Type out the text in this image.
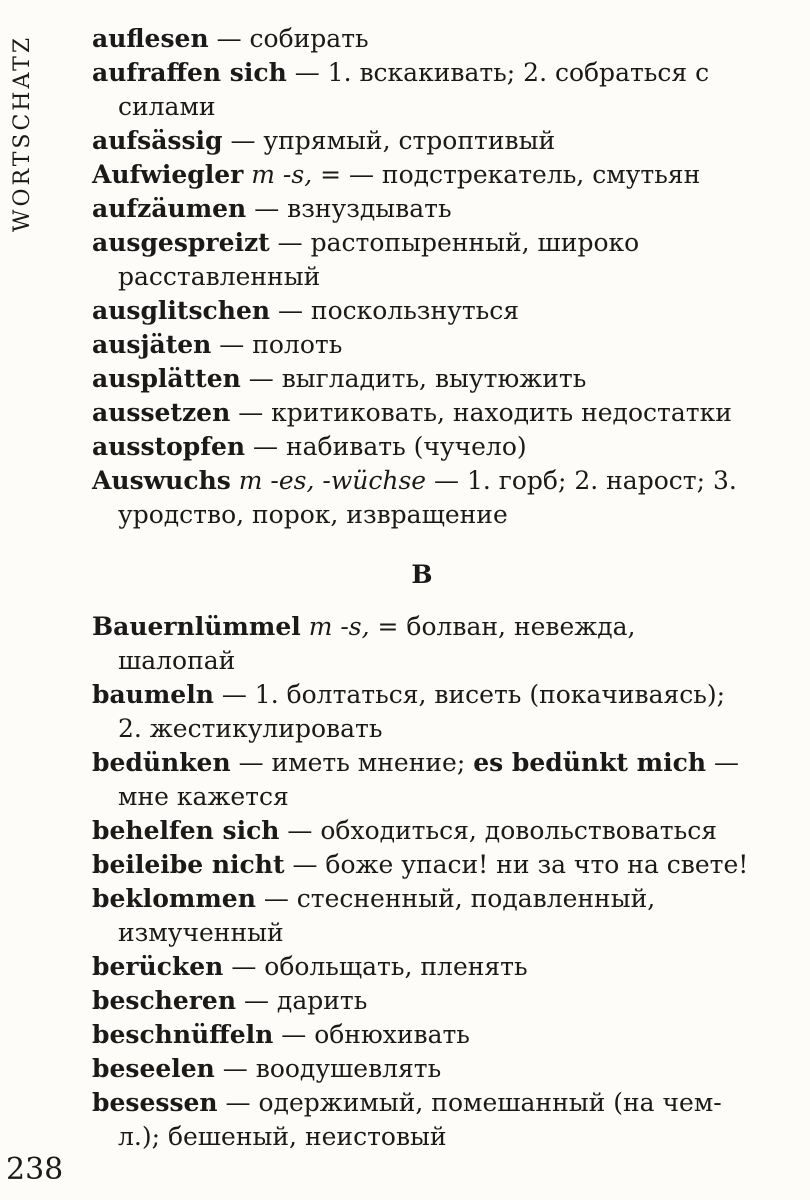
WORTSCHATZ auflesen — собирать

aufraffen sich — 1. вскакивать; 2. собраться с силами

aufsässig — упрямый, строптивый

Aufwiegler m -s, = — подстрекатель, смутьян

aufzäumen — взнуздывать

ausgespreizt — растопыренный, широко расставленный

ausglitschen — поскользнуться

ausjäten — полоть

ausplätten — выгладить, выутюжить

aussetzen — критиковать, находить недостатки

ausstopfen — набивать (чучело)

Auswuchs m -es, -wüchse — 1. горб; 2. нарост; 3. уродство, порок, извращение

B

Bauernlümmel m -s, = болван, невежда, шалопай

baumeln — 1. болтаться, висеть (покачиваясь); 2. жестикулировать

bedünken — иметь мнение; es bedünkt mich — мне кажется

behelfen sich — обходиться, довольствоваться

beileibe nicht — боже упаси! ни за что на свете!

beklommen — стесненный, подавленный, измученный

berücken — обольщать, пленять

bescheren — дарить

beschnüffeln — обнюхивать

beseelen — воодушевлять

besessen — одержимый, помешанный (на чем-л.); бешеный, неистовый

238
